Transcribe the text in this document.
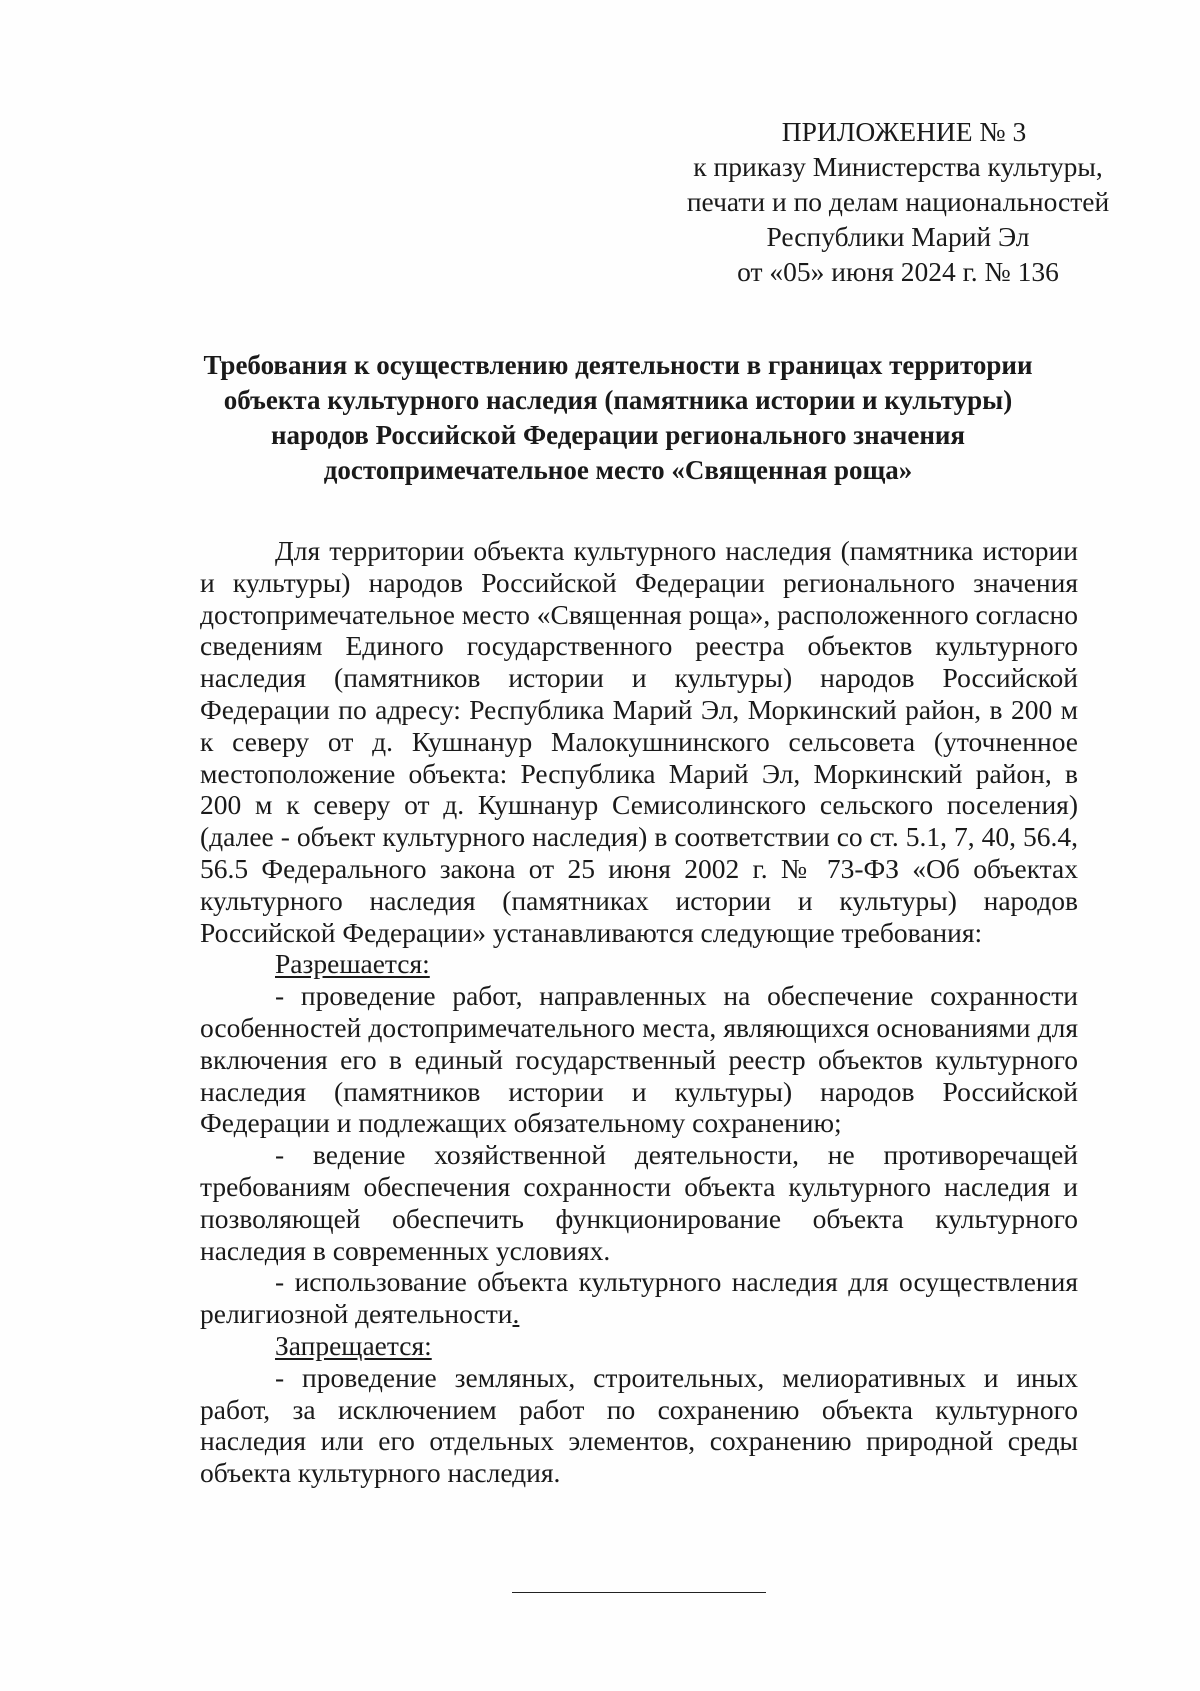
ПРИЛОЖЕНИЕ № 3
к приказу Министерства культуры,
печати и по делам национальностей
Республики Марий Эл
от «05» июня 2024 г. № 136
Требования к осуществлению деятельности в границах территории
объекта культурного наследия (памятника истории и культуры)
народов Российской Федерации регионального значения
достопримечательное место «Священная роща»

Для территории объекта культурного наследия (памятника истории и культуры) народов Российской Федерации регионального значения достопримечательное место «Священная роща», расположенного согласно сведениям Единого государственного реестра объектов культурного наследия (памятников истории и культуры) народов Российской Федерации по адресу: Республика Марий Эл, Моркинский район, в 200 м к северу от д. Кушнанур Малокушнинского сельсовета (уточненное местоположение объекта: Республика Марий Эл, Моркинский район, в 200 м к северу от д. Кушнанур Семисолинского сельского поселения) (далее - объект культурного наследия) в соответствии со ст. 5.1, 7, 40, 56.4, 56.5 Федерального закона от 25 июня 2002 г. № 73-ФЗ «Об объектах культурного наследия (памятниках истории и культуры) народов Российской Федерации» устанавливаются следующие требования:

Разрешается:

- проведение работ, направленных на обеспечение сохранности особенностей достопримечательного места, являющихся основаниями для включения его в единый государственный реестр объектов культурного наследия (памятников истории и культуры) народов Российской Федерации и подлежащих обязательному сохранению;

- ведение хозяйственной деятельности, не противоречащей требованиям обеспечения сохранности объекта культурного наследия и позволяющей обеспечить функционирование объекта культурного наследия в современных условиях.

- использование объекта культурного наследия для осуществления религиозной деятельности.

Запрещается:

- проведение земляных, строительных, мелиоративных и иных работ, за исключением работ по сохранению объекта культурного наследия или его отдельных элементов, сохранению природной среды объекта культурного наследия.
